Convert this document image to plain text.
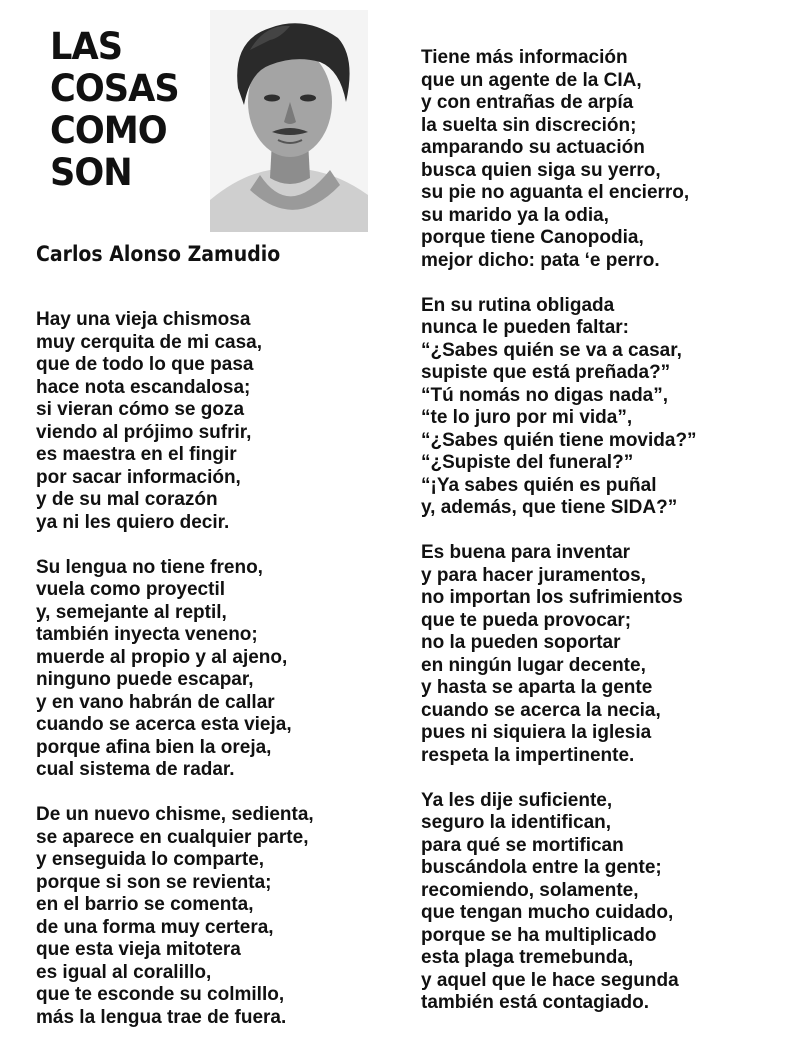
LAS
COSAS
COMO
SON
Carlos Alonso Zamudio
Hay una vieja chismosa
muy cerquita de mi casa,
que de todo lo que pasa
hace nota escandalosa;
si vieran cómo se goza
viendo al prójimo sufrir,
es maestra en el fingir
por sacar información,
y de su mal corazón
ya ni les quiero decir.
Su lengua no tiene freno,
vuela como proyectil
y, semejante al reptil,
también inyecta veneno;
muerde al propio y al ajeno,
ninguno puede escapar,
y en vano habrán de callar
cuando se acerca esta vieja,
porque afina bien la oreja,
cual sistema de radar.
De un nuevo chisme, sedienta,
se aparece en cualquier parte,
y enseguida lo comparte,
porque si son se revienta;
en el barrio se comenta,
de una forma muy certera,
que esta vieja mitotera
es igual al coralillo,
que te esconde su colmillo,
más la lengua trae de fuera.
Tiene más información
que un agente de la CIA,
y con entrañas de arpía
la suelta sin discreción;
amparando su actuación
busca quien siga su yerro,
su pie no aguanta el encierro,
su marido ya la odia,
porque tiene Canopodia,
mejor dicho: pata ‘e perro.
En su rutina obligada
nunca le pueden faltar:
“¿Sabes quién se va a casar,
supiste que está preñada?”
“Tú nomás no digas nada”,
“te lo juro por mi vida”,
“¿Sabes quién tiene movida?”
“¿Supiste del funeral?”
“¡Ya sabes quién es puñal
y, además, que tiene SIDA?”
Es buena para inventar
y para hacer juramentos,
no importan los sufrimientos
que te pueda provocar;
no la pueden soportar
en ningún lugar decente,
y hasta se aparta la gente
cuando se acerca la necia,
pues ni siquiera la iglesia
respeta la impertinente.
Ya les dije suficiente,
seguro la identifican,
para qué se mortifican
buscándola entre la gente;
recomiendo, solamente,
que tengan mucho cuidado,
porque se ha multiplicado
esta plaga tremebunda,
y aquel que le hace segunda
también está contagiado.
